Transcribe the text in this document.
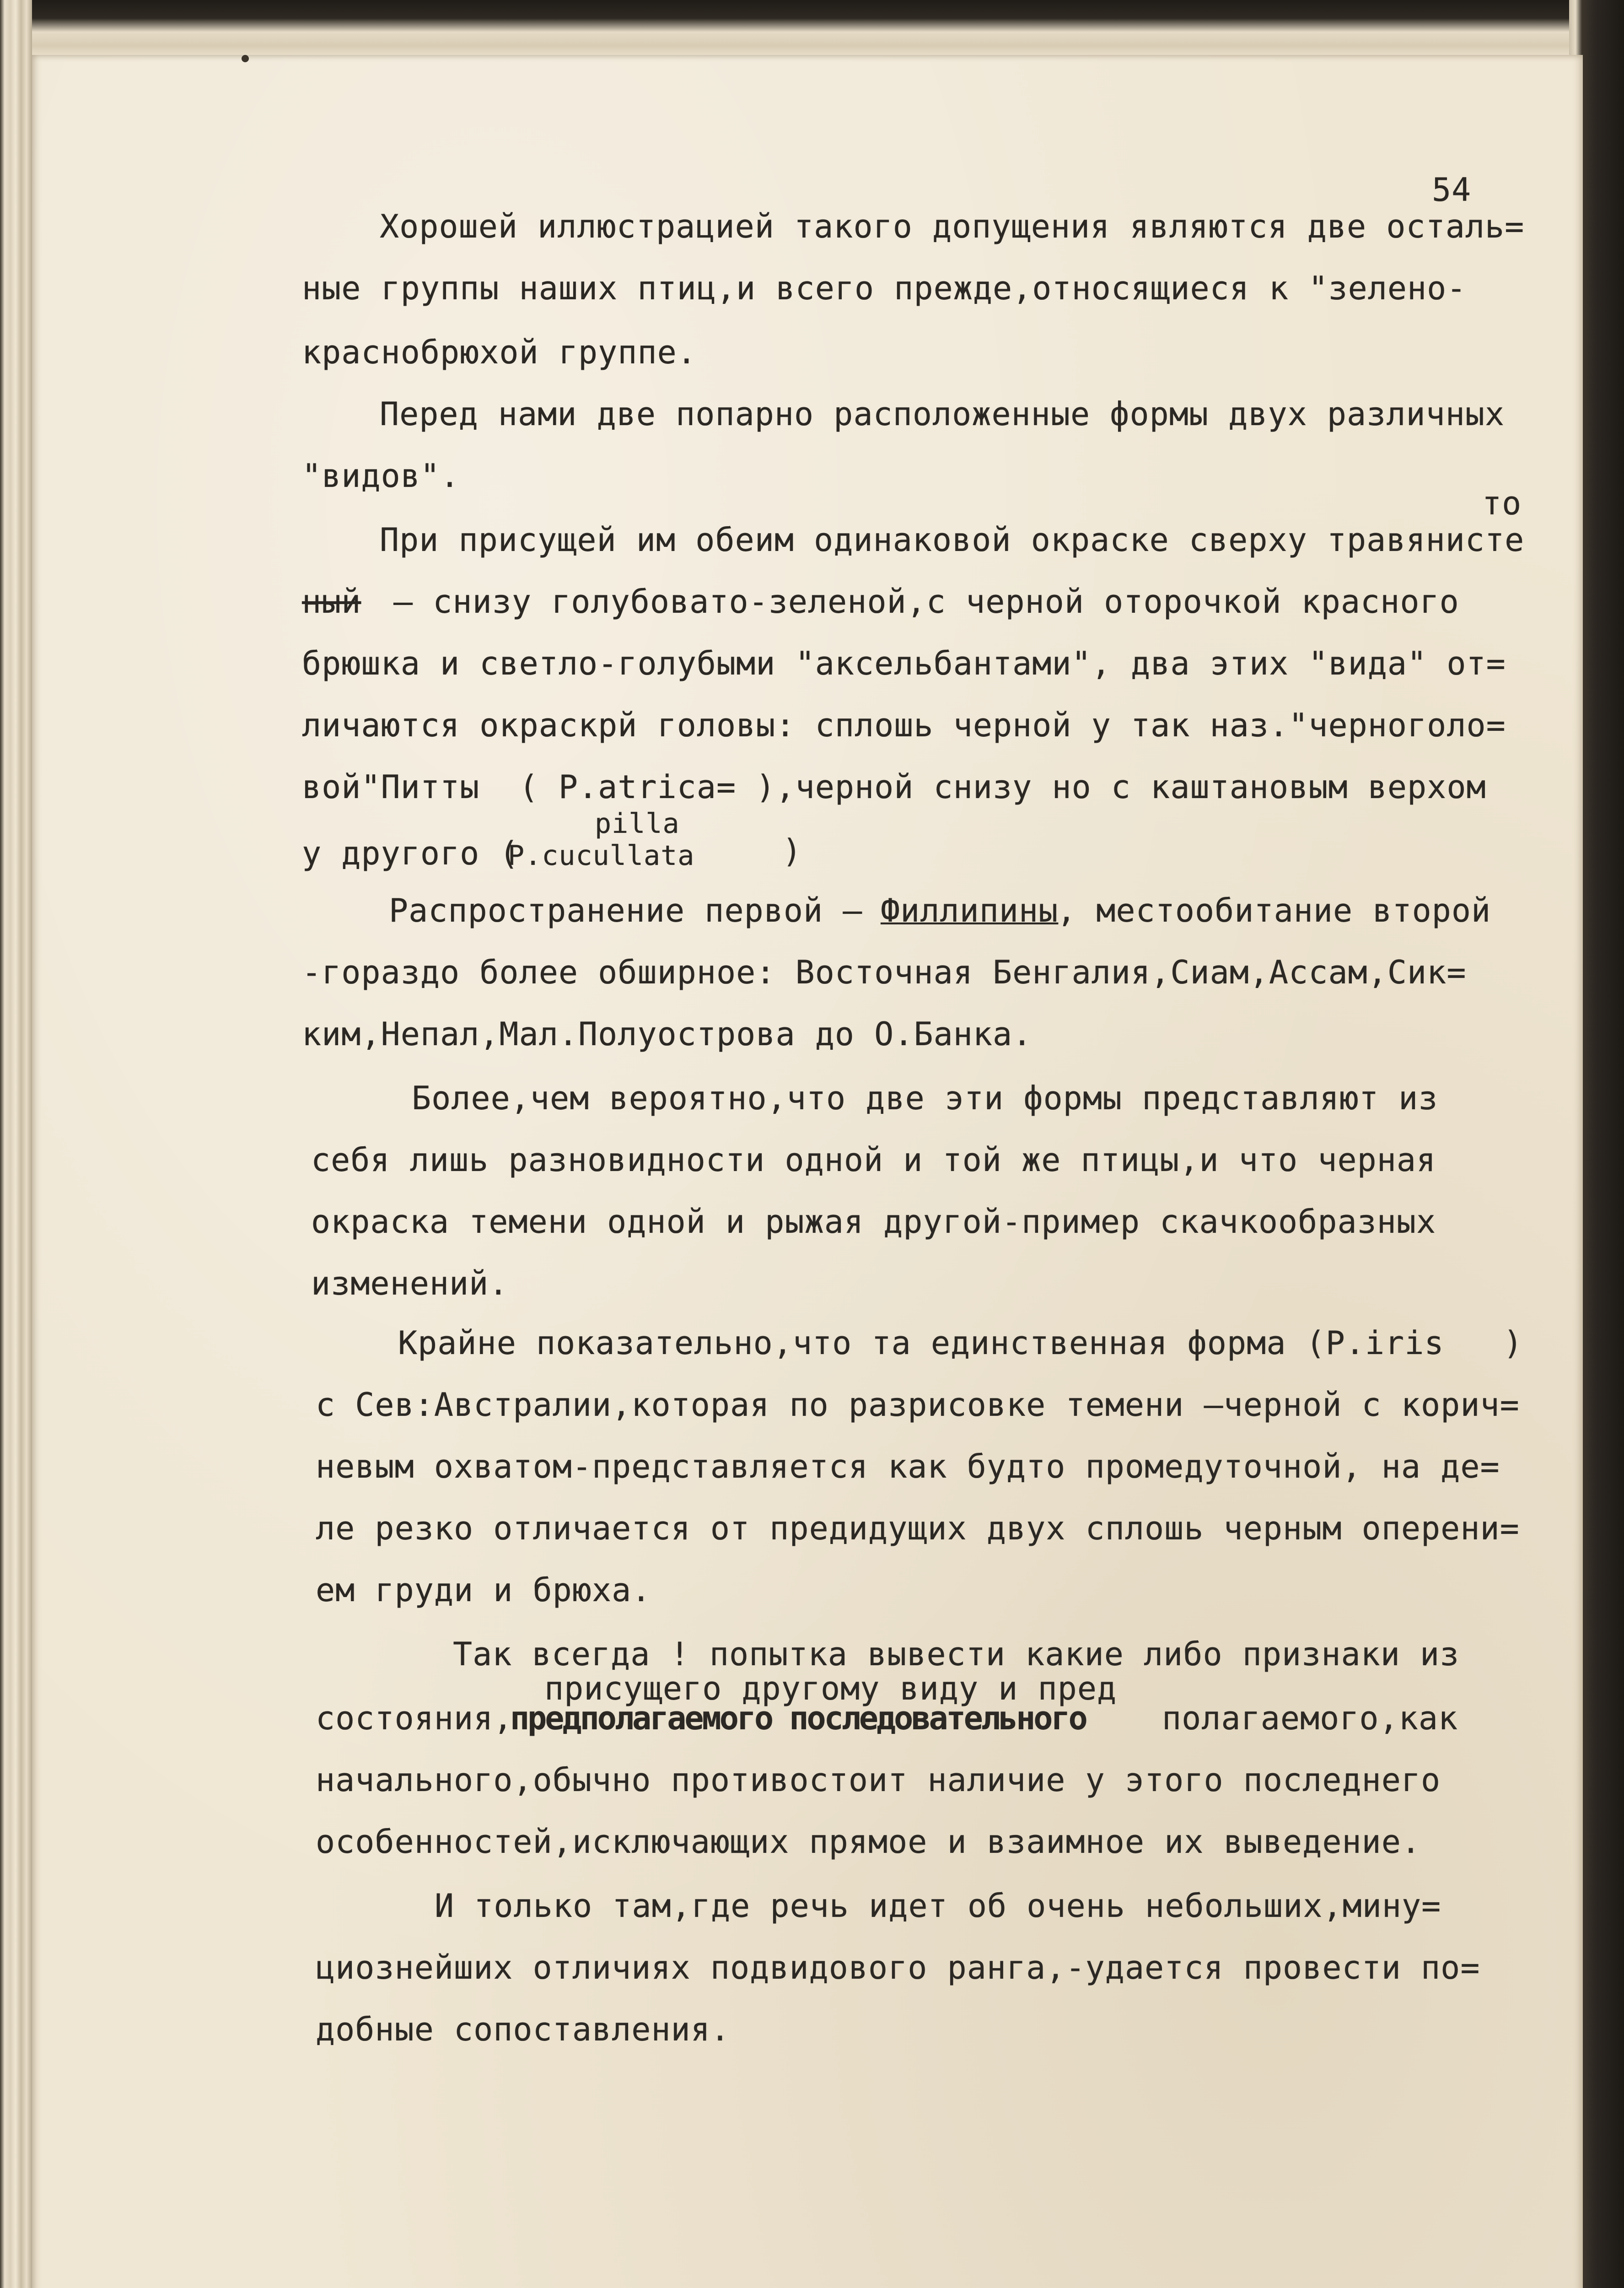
54
Хорошей иллюстрацией такого допущения являются две осталь=
ные группы наших птиц,и всего прежде,относящиеся к "зелено-
краснобрюхой группе.
Перед нами две попарно расположенные формы двух различных
"видов".
то
При присущей им обеим одинаковой окраске сверху травянисте
ный – снизу голубовато-зеленой,с черной оторочкой красного
брюшка и светло-голубыми "аксельбантами", два этих "вида" от=
личаются окраскрй головы: сплошь черной у так наз."черноголо=
вой"Питты  ( P.atrica= ),черной снизу но с каштановым верхом
pilla
у другого (
P.cucullata	)
Распространение первой –
Филлипины
, местообитание второй
-гораздо более обширное: Восточная Бенгалия,Сиам,Ассам,Сик=
ким,Непал,Мал.Полуострова до О.Банка.
Более,чем вероятно,что две эти формы представляют из
себя лишь разновидности одной и той же птицы,и что черная
окраска темени одной и рыжая другой-пример скачкообразных
изменений.
Крайне показательно,что та единственная форма (P.iris   )
с Сев:Австралии,которая по разрисовке темени –черной с корич=
невым охватом-представляется как будто промедуточной, на де=
ле резко отличается от предидущих двух сплошь черным оперени=
ем груди и брюха.
Так всегда ! попытка вывести какие либо признаки из
присущего другому виду и пред
состояния,
предполагаемого последовательного полагаемого,как
начального,обычно противостоит наличие у этого последнего
особенностей,исключающих прямое и взаимное их выведение.
И только там,где речь идет об очень небольших,мину=
циознейших отличиях подвидового ранга,-удается провести по=
добные сопоставления.
